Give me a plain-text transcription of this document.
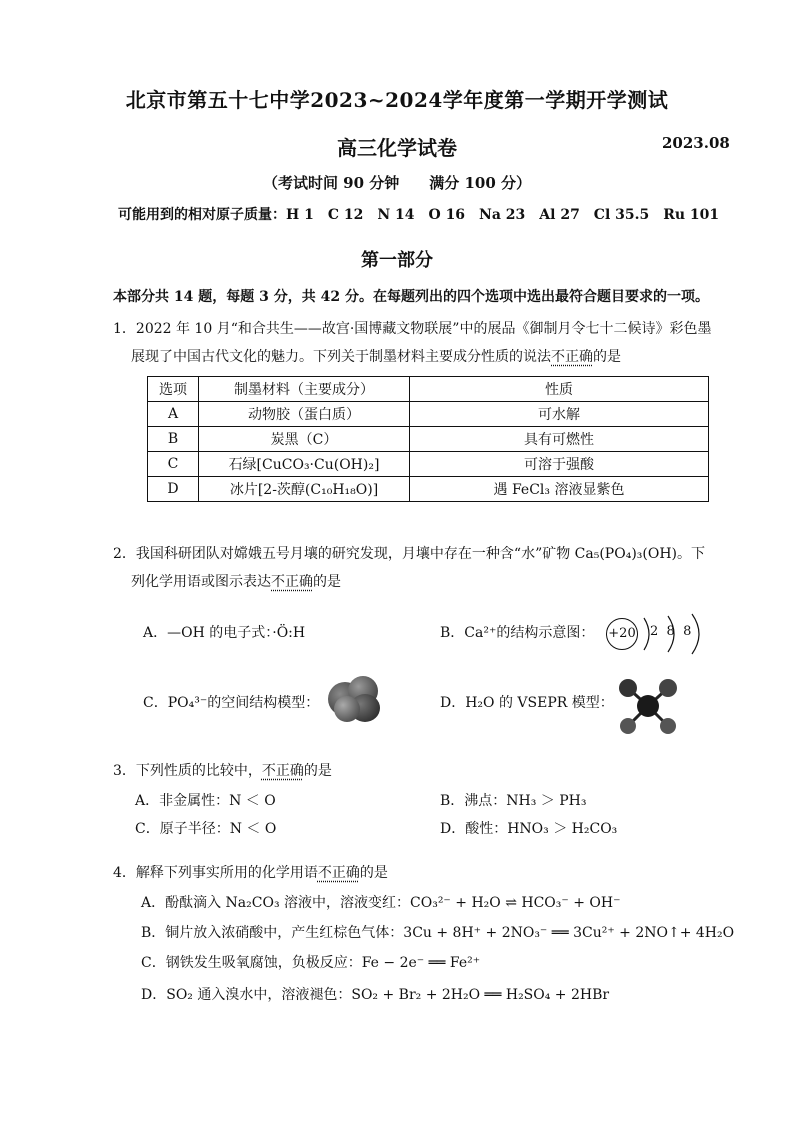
北京市第五十七中学2023~2024学年度第一学期开学测试
高三化学试卷	2023.08
（考试时间 90 分钟　　满分 100 分）
可能用到的相对原子质量：H 1　C 12　N 14　O 16　Na 23　Al 27　Cl 35.5　Ru 101
第一部分
本部分共 14 题，每题 3 分，共 42 分。在每题列出的四个选项中选出最符合题目要求的一项。
1．2022 年 10 月“和合共生——故宫·国博藏文物联展”中的展品《御制月令七十二候诗》彩色墨
展现了中国古代文化的魅力。下列关于制墨材料主要成分性质的说法不正确的是
选项	制墨材料（主要成分）	性质
A	动物胶（蛋白质）	可水解
B	炭黑（C）	具有可燃性
C	石绿[CuCO₃·Cu(OH)₂]	可溶于强酸
D	冰片[2-茨醇(C₁₀H₁₈O)]	遇 FeCl₃ 溶液显紫色
2．我国科研团队对嫦娥五号月壤的研究发现，月壤中存在一种含“水”矿物 Ca₅(PO₄)₃(OH)。下
列化学用语或图示表达不正确的是
A．—OH 的电子式：·Ö:H	B．Ca²⁺的结构示意图： +20 2  8  8
C．PO₄³⁻的空间结构模型：	D．H₂O 的 VSEPR 模型：
3．下列性质的比较中，不正确的是
A．非金属性：N ＜ O	B．沸点：NH₃ ＞ PH₃
C．原子半径：N ＜ O	D．酸性：HNO₃ ＞ H₂CO₃
4．解释下列事实所用的化学用语不正确的是
A．酚酞滴入 Na₂CO₃ 溶液中，溶液变红：CO₃²⁻ + H₂O ⇌ HCO₃⁻ + OH⁻
B．铜片放入浓硝酸中，产生红棕色气体：3Cu + 8H⁺ + 2NO₃⁻ ══ 3Cu²⁺ + 2NO↑+ 4H₂O
C．钢铁发生吸氧腐蚀，负极反应：Fe − 2e⁻ ══ Fe²⁺
D．SO₂ 通入溴水中，溶液褪色：SO₂ + Br₂ + 2H₂O ══ H₂SO₄ + 2HBr
